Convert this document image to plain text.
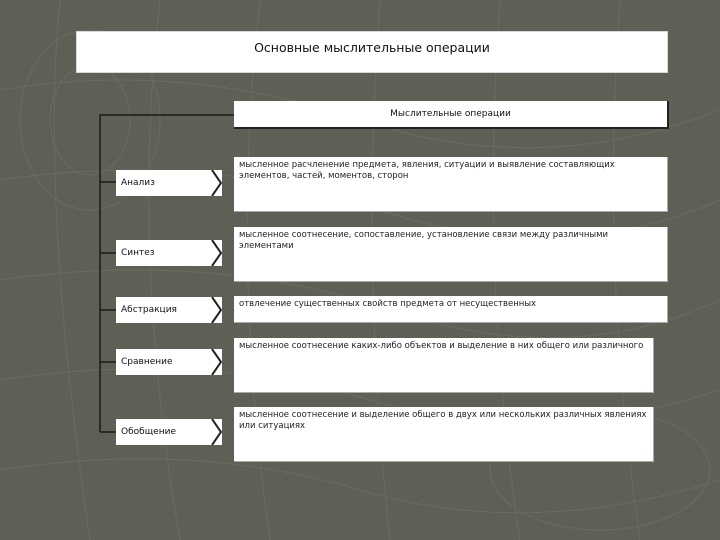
Основные мыслительные операции
Мыслительные операции
Анализ
Синтез
Абстракция
Сравнение
Обобщение
мысленное расчленение предмета, явления, ситуации и выявление составляющих элементов, частей, моментов, сторон
мысленное соотнесение, сопоставление, установление связи между различными элементами
отвлечение существенных свойств предмета от несущественных
мысленное соотнесение каких-либо объектов и выделение в них общего или различного
мысленное соотнесение и выделение общего в двух или нескольких различных явлениях или ситуациях
